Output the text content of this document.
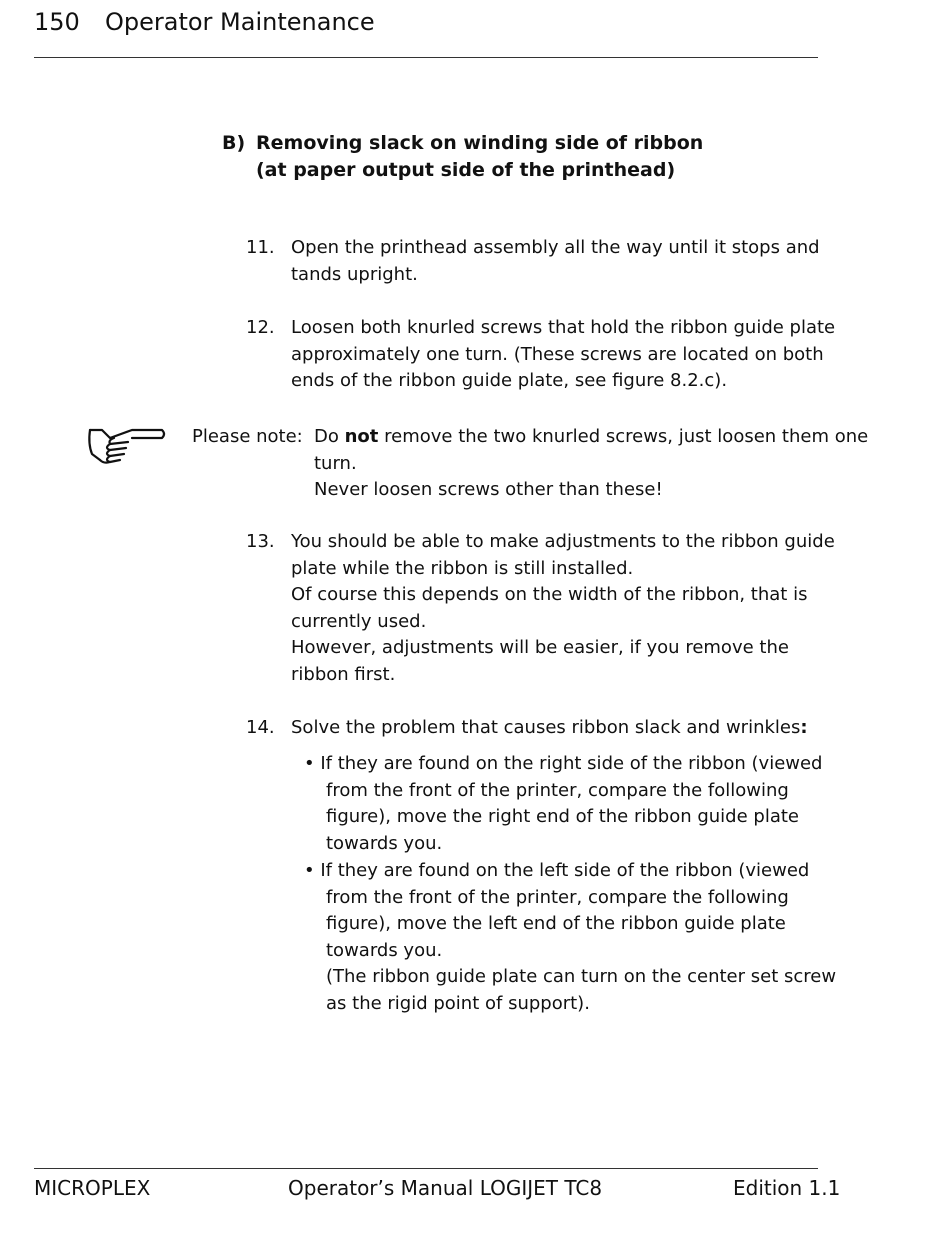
150 Operator Maintenance
B) Removing slack on winding side of ribbon
(at paper output side of the printhead)
11. Open the printhead assembly all the way until it stops and
tands upright.
12. Loosen both knurled screws that hold the ribbon guide plate
approximately one turn. (These screws are located on both
ends of the ribbon guide plate, see figure 8.2.c).
Please note: Do not remove the two knurled screws, just loosen them one
turn.
Never loosen screws other than these!
13. You should be able to make adjustments to the ribbon guide
plate while the ribbon is still installed.
Of course this depends on the width of the ribbon, that is
currently used.
However, adjustments will be easier, if you remove the
ribbon first.
14. Solve the problem that causes ribbon slack and wrinkles:
• If they are found on the right side of the ribbon (viewed
from the front of the printer, compare the following
figure), move the right end of the ribbon guide plate
towards you.
• If they are found on the left side of the ribbon (viewed
from the front of the printer, compare the following
figure), move the left end of the ribbon guide plate
towards you.
(The ribbon guide plate can turn on the center set screw
as the rigid point of support).
MICROPLEX	Operator’s Manual LOGIJET TC8	Edition 1.1
